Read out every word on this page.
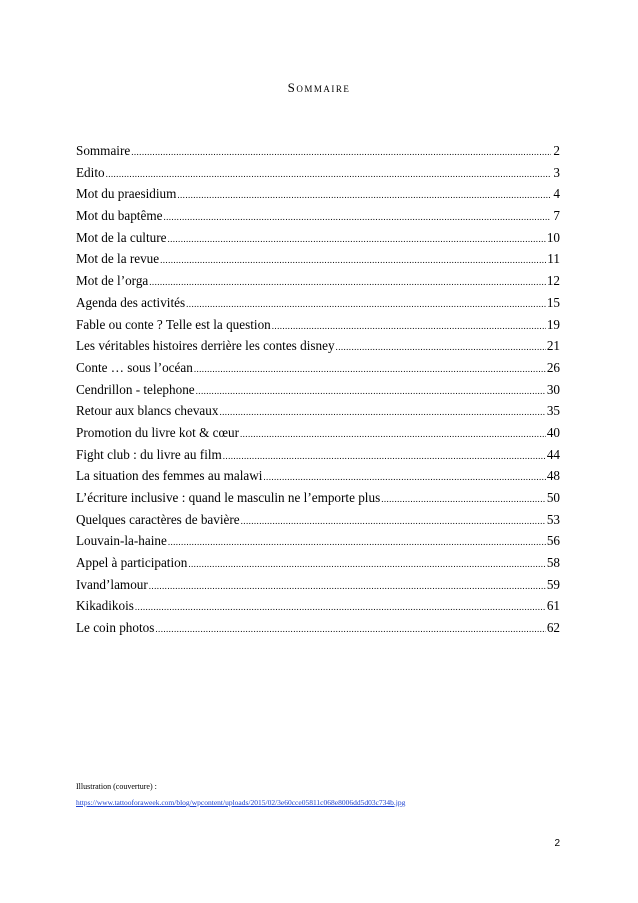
Sommaire
Sommaire .....	2
Edito .....	3
Mot du praesidium .....	4
Mot du baptême .....	7
Mot de la culture .....	10
Mot de la revue .....	11
Mot de l’orga .....	12
Agenda des activités .....	15
Fable ou conte ? Telle est la question .....	19
Les véritables histoires derrière les contes disney .....	21
Conte … sous l’océan .....	26
Cendrillon - telephone .....	30
Retour aux blancs chevaux .....	35
Promotion du livre kot & cœur .....	40
Fight club : du livre au film .....	44
La situation des femmes au malawi .....	48
L’écriture inclusive : quand le masculin ne l’emporte plus .....	50
Quelques caractères de bavière .....	53
Louvain-la-haine .....	56
Appel à participation .....	58
Ivand’lamour .....	59
Kikadikois .....	61
Le coin photos .....	62
Illustration (couverture) :
https://www.tattooforaweek.com/blog/wpcontent/uploads/2015/02/3e60cce05811c068e8006dd5d03c734b.jpg
2
